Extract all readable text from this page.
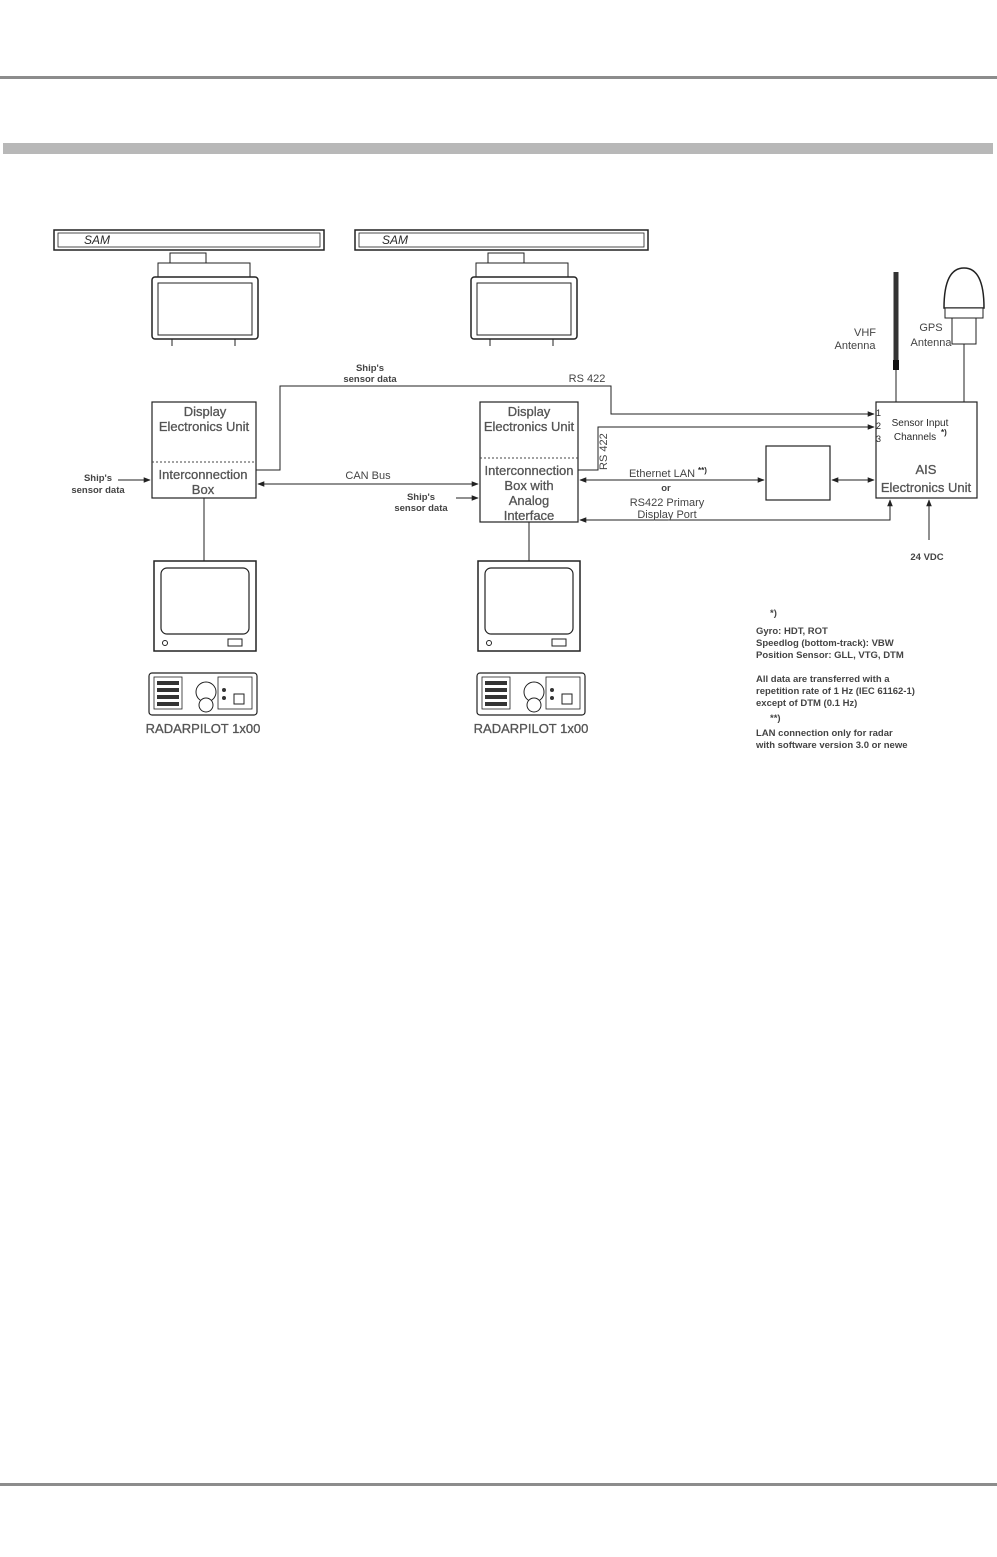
SAM	SAM
VHF
Antenna
GPS
Antenna
Display
Electronics Unit
Interconnection
Box
Display
Electronics Unit
Interconnection
Box with
Analog
Interface
1
2
3
Sensor Input
Channels *)
AIS
Electronics Unit
Ship's
sensor data	RS 422
RS 422
Ship's
sensor data
CAN Bus
Ship's
sensor data
Ethernet LAN **)
or
RS422 Primary
Display Port
24 VDC
RADARPILOT 1x00	RADARPILOT 1x00
*)
Gyro: HDT, ROT
Speedlog (bottom-track): VBW
Position Sensor: GLL, VTG, DTM
All data are transferred with a
repetition rate of 1 Hz (IEC 61162-1)
except of DTM (0.1 Hz)
**)
LAN connection only for radar
with software version 3.0 or newe
